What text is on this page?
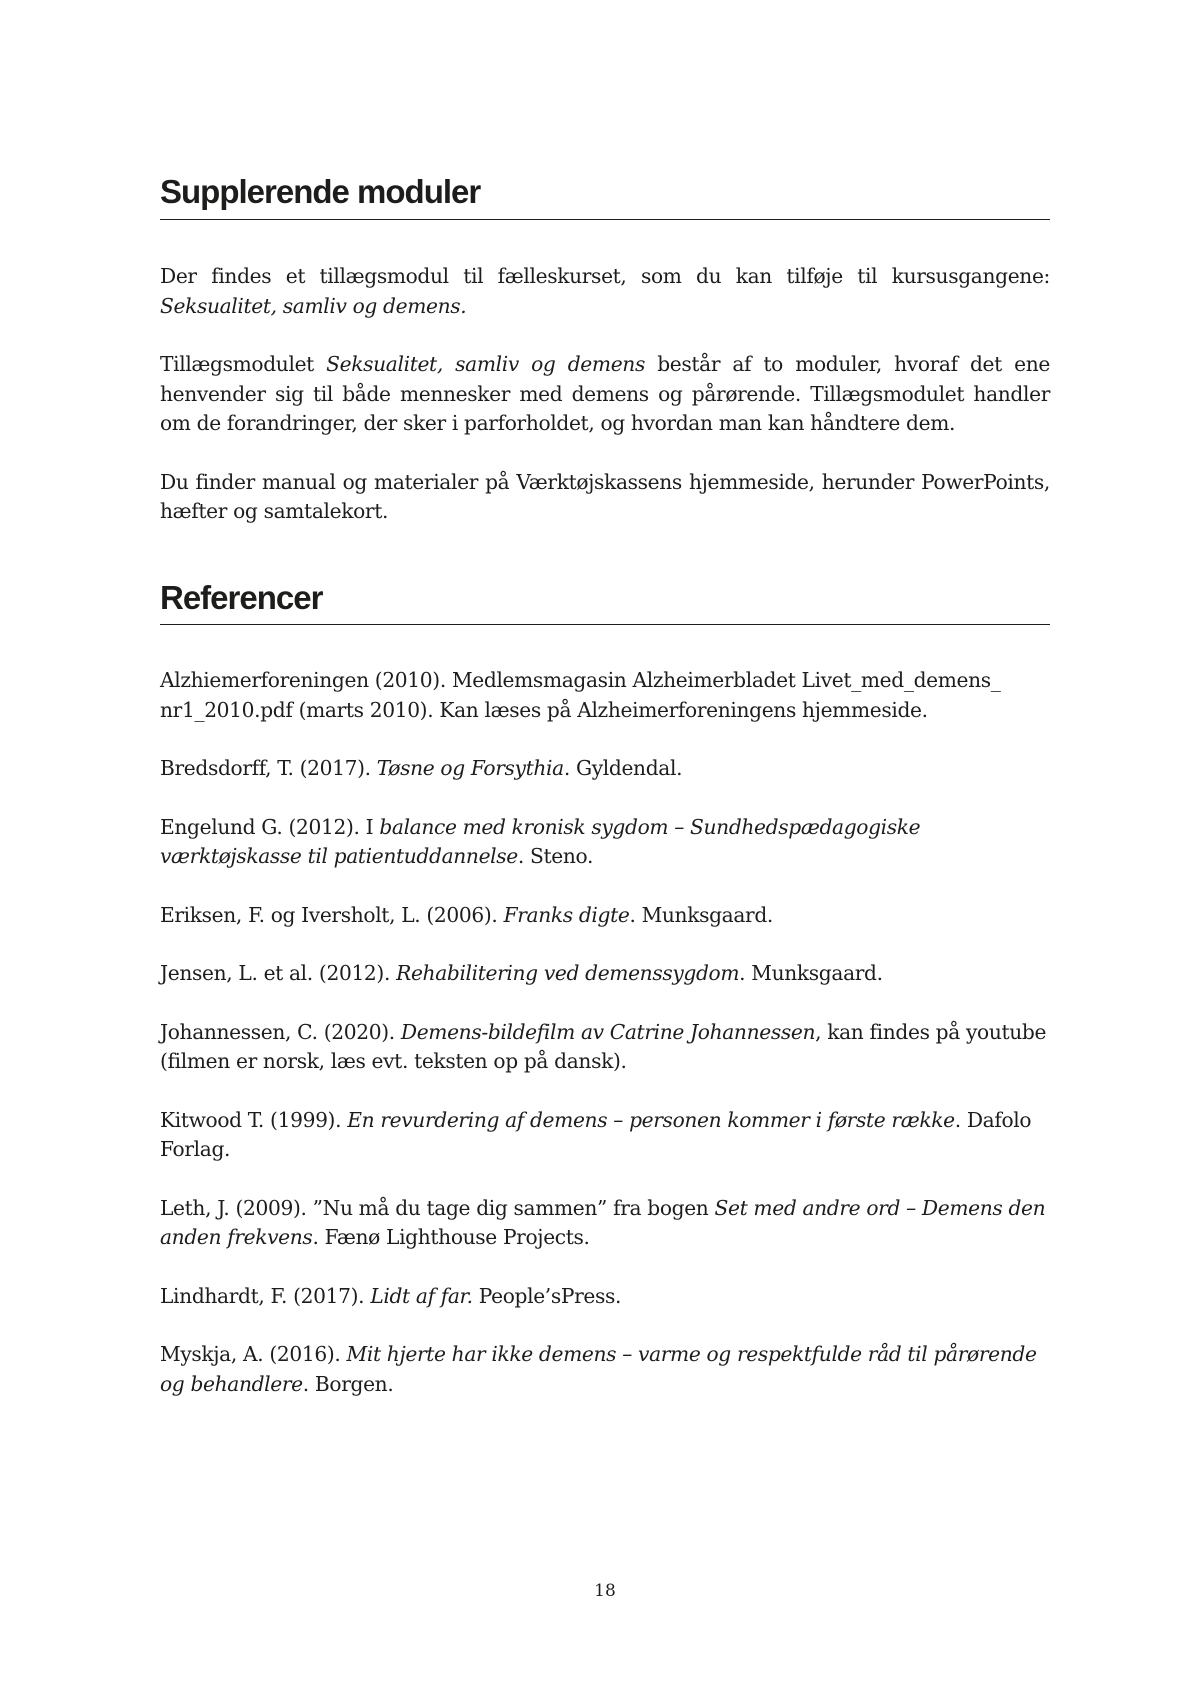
Supplerende moduler

Der findes et tillægsmodul til fælleskurset, som du kan tilføje til kursusgangene: Seksualitet, samliv og demens.

Tillægsmodulet Seksualitet, samliv og demens består af to moduler, hvoraf det ene henvender sig til både mennesker med demens og pårørende. Tillægsmodulet handler om de forandringer, der sker i parforholdet, og hvordan man kan håndtere dem.

Du finder manual og materialer på Værktøjskassens hjemmeside, herunder PowerPoints, hæfter og samtalekort.

Referencer

Alzhiemerforeningen (2010). Medlemsmagasin Alzheimerbladet Livet_med_demens_ nr1_2010.pdf (marts 2010). Kan læses på Alzheimerforeningens hjemmeside.

Bredsdorff, T. (2017). Tøsne og Forsythia. Gyldendal.

Engelund G. (2012). I balance med kronisk sygdom – Sundhedspædagogiske værktøjskasse til patientuddannelse. Steno.

Eriksen, F. og Iversholt, L. (2006). Franks digte. Munksgaard.

Jensen, L. et al. (2012). Rehabilitering ved demenssygdom. Munksgaard.

Johannessen, C. (2020). Demens-bildefilm av Catrine Johannessen, kan findes på youtube (filmen er norsk, læs evt. teksten op på dansk).

Kitwood T. (1999). En revurdering af demens – personen kommer i første række. Dafolo Forlag.

Leth, J. (2009). ”Nu må du tage dig sammen” fra bogen Set med andre ord – Demens den anden frekvens. Fænø Lighthouse Projects.

Lindhardt, F. (2017). Lidt af far. People’sPress.

Myskja, A. (2016). Mit hjerte har ikke demens – varme og respektfulde råd til pårørende og behandlere. Borgen.

18
